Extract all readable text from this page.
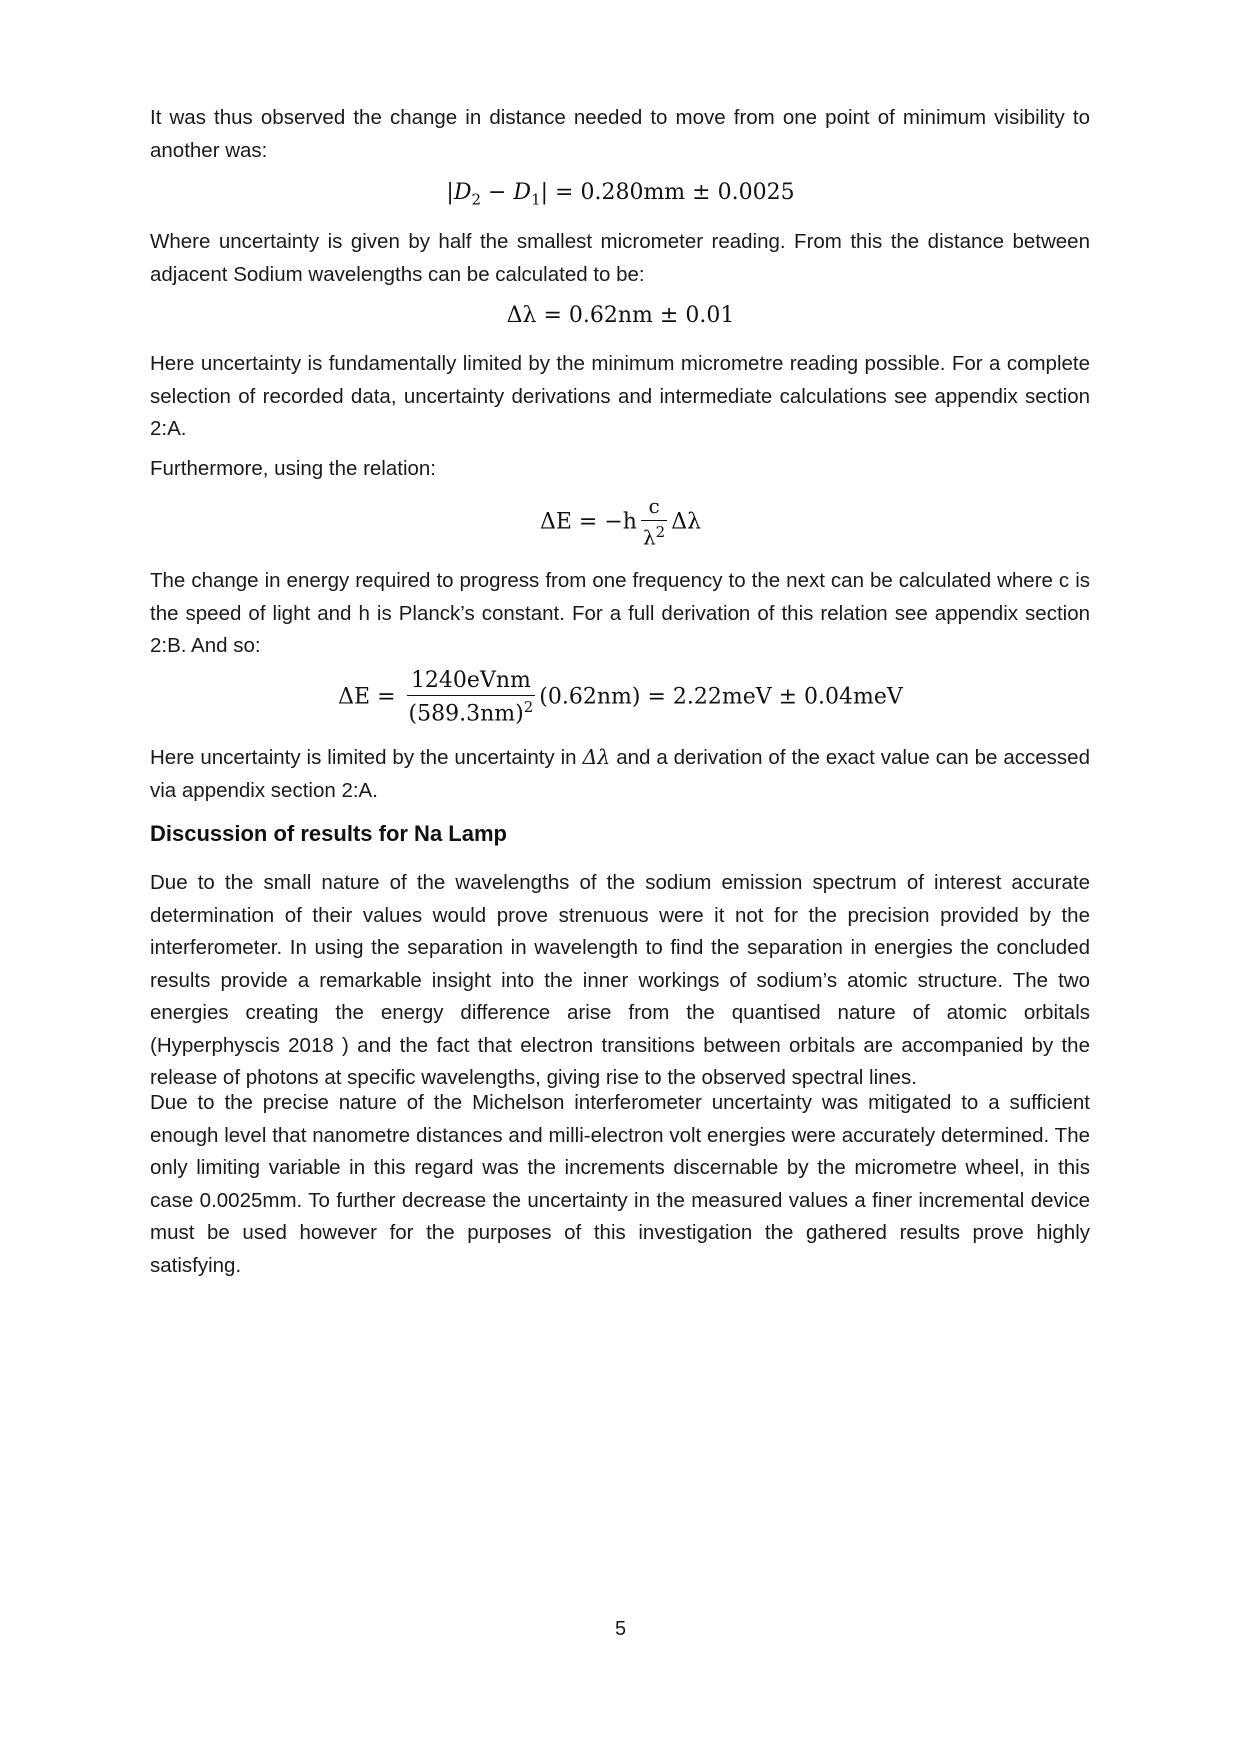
It was thus observed the change in distance needed to move from one point of minimum visibility to another was:

$|D_2 - D_1| = 0.280mm \pm 0.0025$

Where uncertainty is given by half the smallest micrometer reading. From this the distance between adjacent Sodium wavelengths can be calculated to be:

Δλ = 0.62nm ± 0.01

Here uncertainty is fundamentally limited by the minimum micrometre reading possible. For a complete selection of recorded data, uncertainty derivations and intermediate calculations see appendix section 2:A.

Furthermore, using the relation:

$\Delta E = -h \frac{c}{\lambda^2}$ Δλ

The change in energy required to progress from one frequency to the next can be calculated where c is the speed of light and h is Planck’s constant. For a full derivation of this relation see appendix section 2:B. And so:

$\Delta E = \frac{\text{1240eVnm}}{(589.3nm)^2} (0.62nm) = 2.22meV \pm 0.04meV$

Here uncertainty is limited by the uncertainty in Δλ and a derivation of the exact value can be accessed via appendix section 2:A.

Discussion of results for Na Lamp

Due to the small nature of the wavelengths of the sodium emission spectrum of interest accurate determination of their values would prove strenuous were it not for the precision provided by the interferometer. In using the separation in wavelength to find the separation in energies the concluded results provide a remarkable insight into the inner workings of sodium’s atomic structure. The two energies creating the energy difference arise from the quantised nature of atomic orbitals (Hyperphyscis 2018 ) and the fact that electron transitions between orbitals are accompanied by the release of photons at specific wavelengths, giving rise to the observed spectral lines.

Due to the precise nature of the Michelson interferometer uncertainty was mitigated to a sufficient enough level that nanometre distances and milli-electron volt energies were accurately determined. The only limiting variable in this regard was the increments discernable by the micrometre wheel, in this case 0.0025mm. To further decrease the uncertainty in the measured values a finer incremental device must be used however for the purposes of this investigation the gathered results prove highly satisfying.

5
